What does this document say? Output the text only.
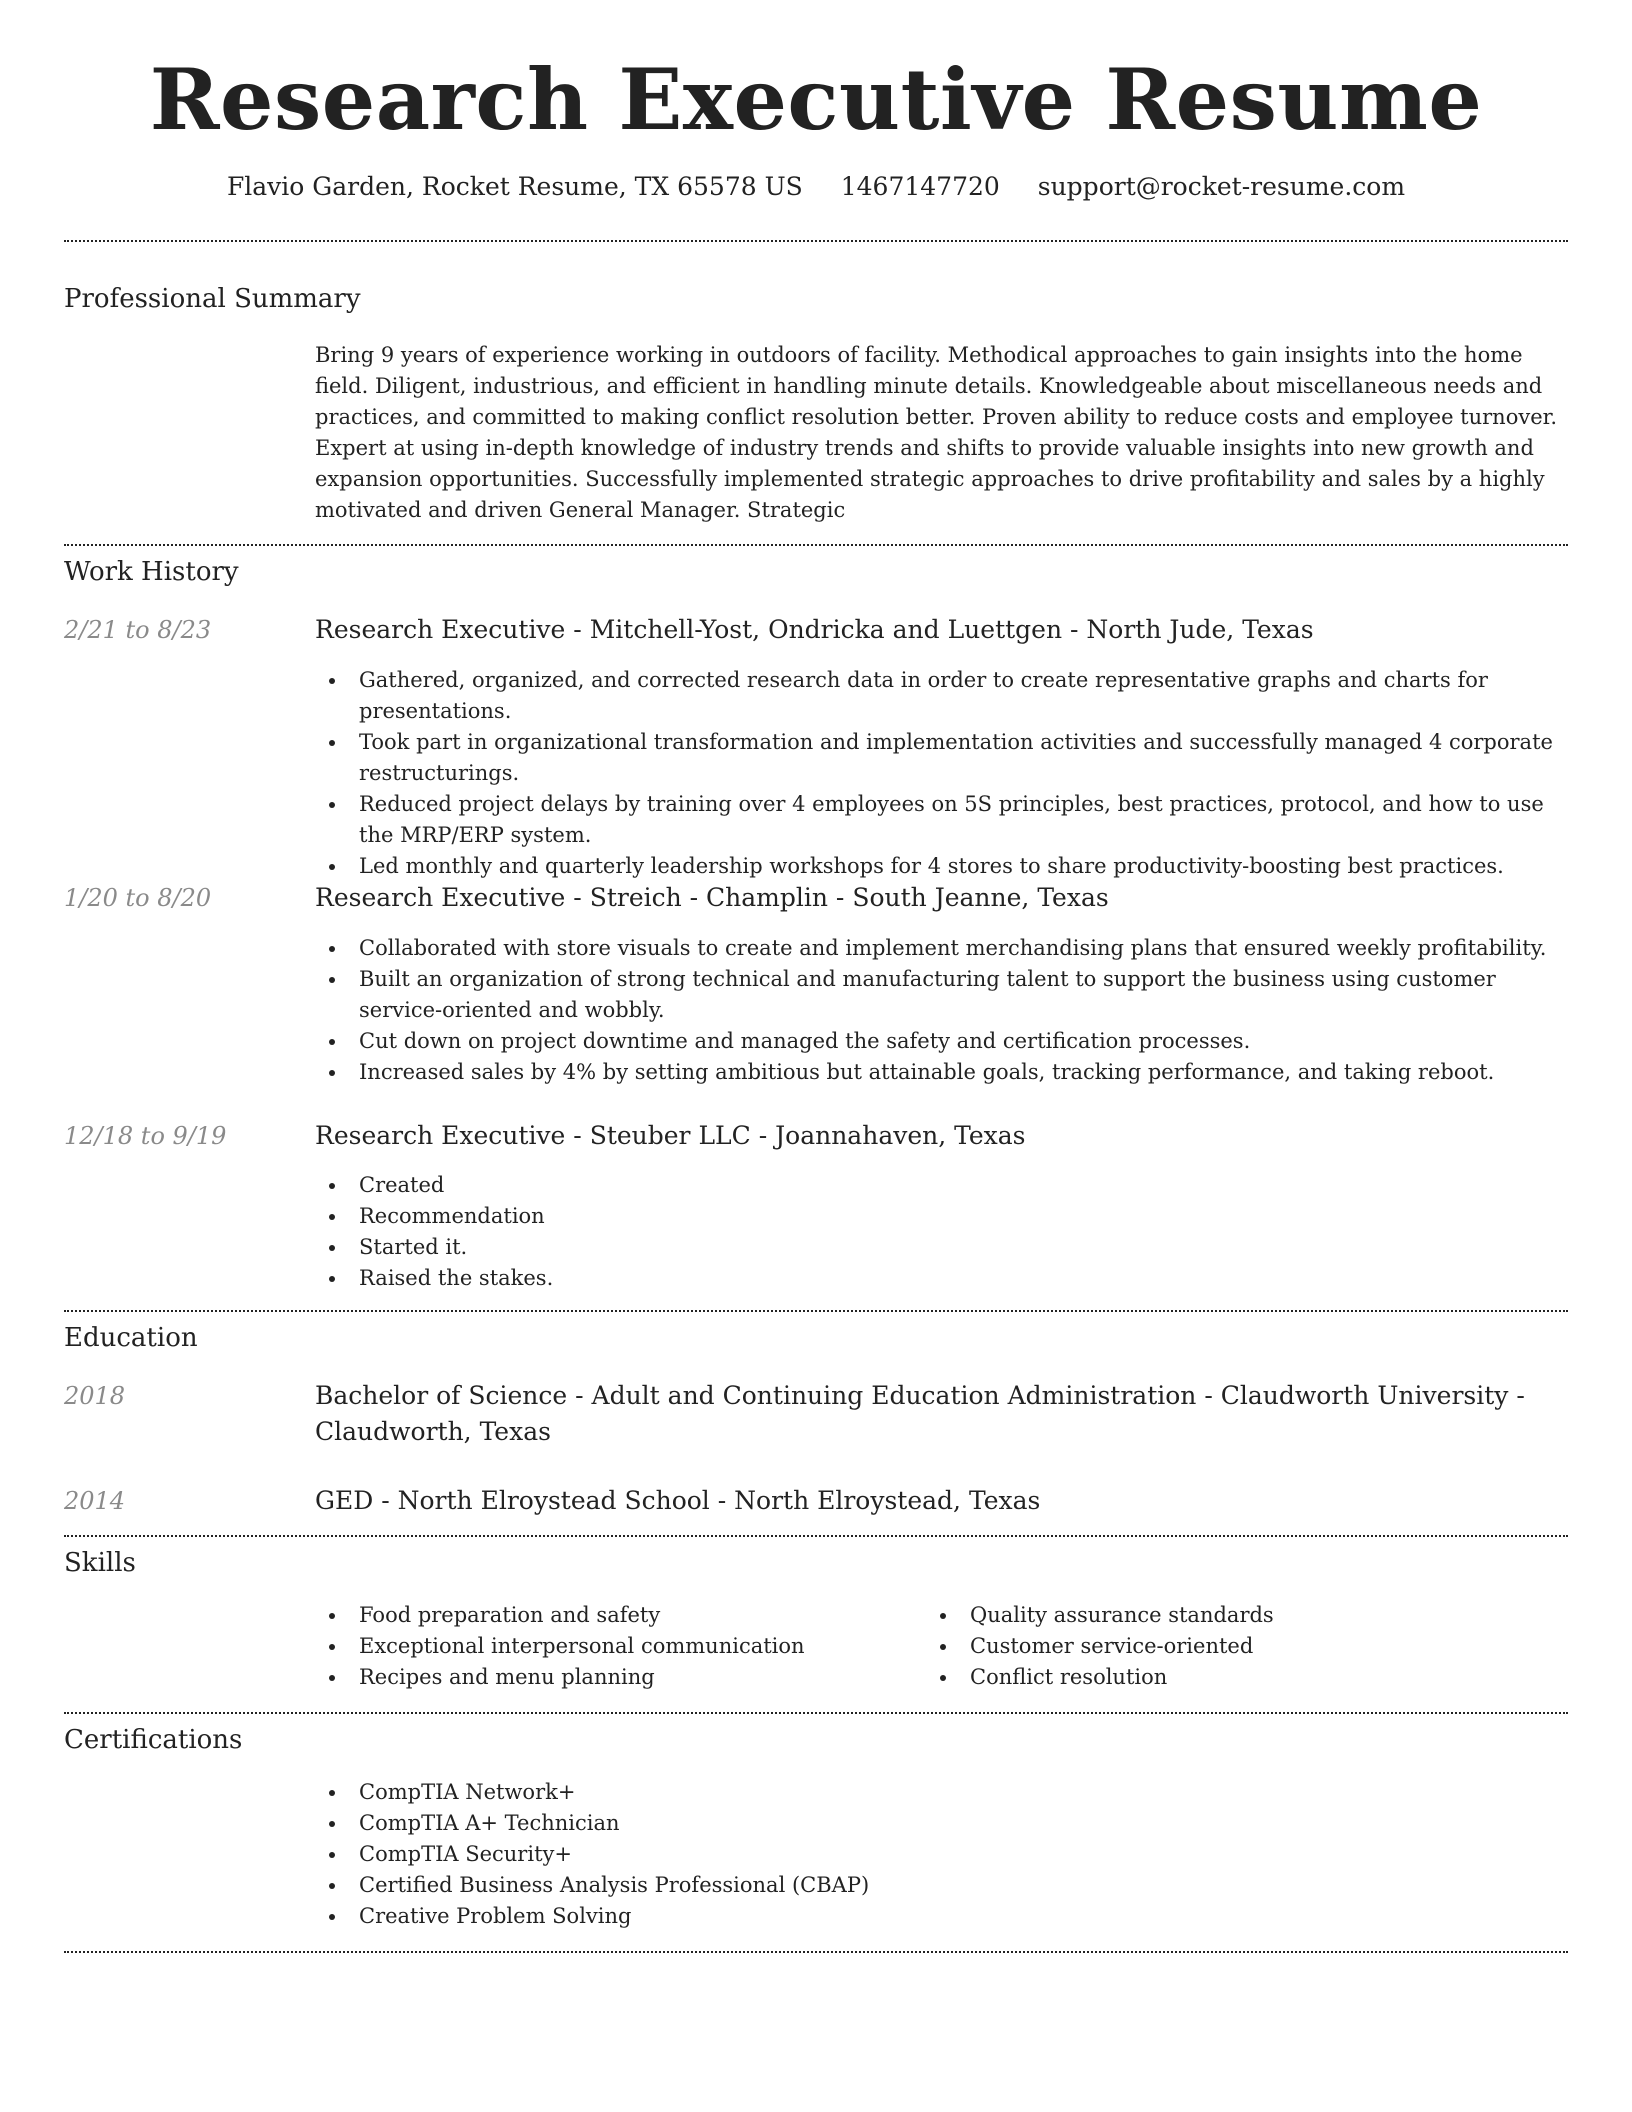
Research Executive Resume
Flavio Garden, Rocket Resume, TX 65578 US 1467147720 support@rocket-resume.com
Professional Summary

Bring 9 years of experience working in outdoors of facility. Methodical approaches to gain insights into the home field. Diligent, industrious, and efficient in handling minute details. Knowledgeable about miscellaneous needs and practices, and committed to making conflict resolution better. Proven ability to reduce costs and employee turnover. Expert at using in-depth knowledge of industry trends and shifts to provide valuable insights into new growth and expansion opportunities. Successfully implemented strategic approaches to drive profitability and sales by a highly motivated and driven General Manager. Strategic

Work History
2/21 to 8/23	Research Executive - Mitchell-Yost, Ondricka and Luettgen - North Jude, Texas
Gathered, organized, and corrected research data in order to create representative graphs and charts for presentations.
Took part in organizational transformation and implementation activities and successfully managed 4 corporate restructurings.
Reduced project delays by training over 4 employees on 5S principles, best practices, protocol, and how to use the MRP/ERP system.
Led monthly and quarterly leadership workshops for 4 stores to share productivity-boosting best practices.
1/20 to 8/20	Research Executive - Streich - Champlin - South Jeanne, Texas
Collaborated with store visuals to create and implement merchandising plans that ensured weekly profitability.
Built an organization of strong technical and manufacturing talent to support the business using customer service-oriented and wobbly.
Cut down on project downtime and managed the safety and certification processes.
Increased sales by 4% by setting ambitious but attainable goals, tracking performance, and taking reboot.
12/18 to 9/19	Research Executive - Steuber LLC - Joannahaven, Texas
Created
Recommendation
Started it.
Raised the stakes.
Education
2018	Bachelor of Science - Adult and Continuing Education Administration - Claudworth University - Claudworth, Texas
2014	GED - North Elroystead School - North Elroystead, Texas
Skills
Food preparation and safety
Exceptional interpersonal communication
Recipes and menu planning
Quality assurance standards
Customer service-oriented
Conflict resolution
Certifications
CompTIA Network+
CompTIA A+ Technician
CompTIA Security+
Certified Business Analysis Professional (CBAP)
Creative Problem Solving
